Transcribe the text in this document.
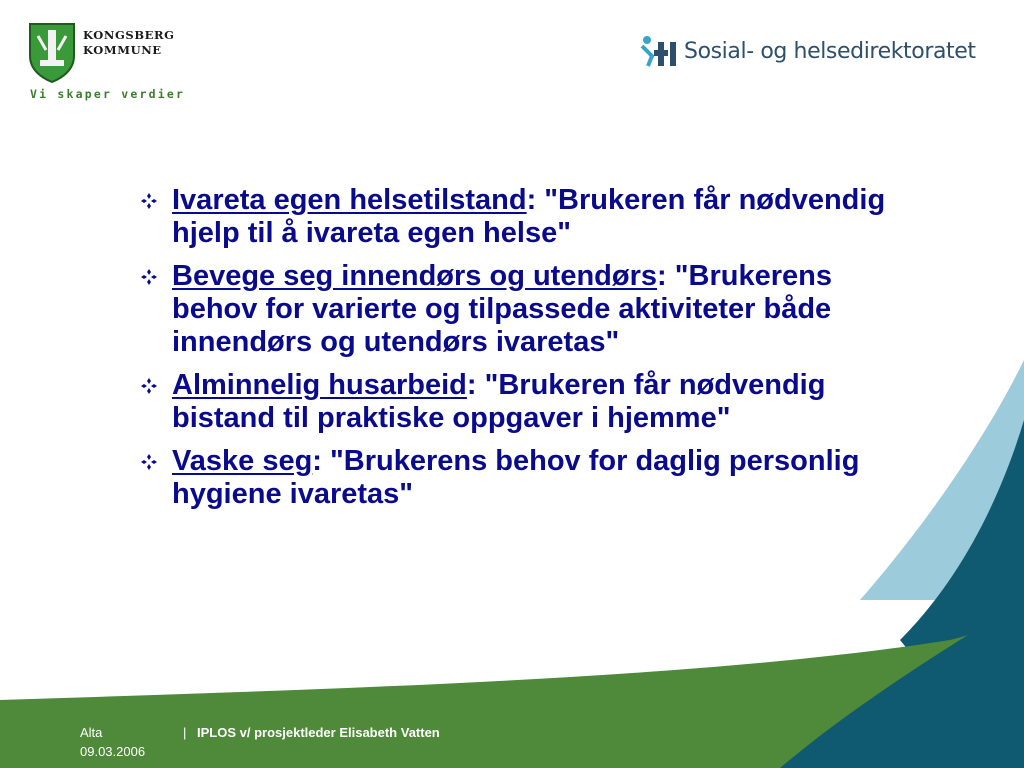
KONGSBERG
KOMMUNE
Vi skaper verdier
Sosial- og helsedirektoratet
Ivareta egen helsetilstand: "Brukeren får nødvendig hjelp til å ivareta egen helse"
Bevege seg innendørs og utendørs: "Brukerens behov for varierte og tilpassede aktiviteter både innendørs og utendørs ivaretas"
Alminnelig husarbeid: "Brukeren får nødvendig bistand til praktiske oppgaver i hjemme"
Vaske seg: "Brukerens behov for daglig personlig hygiene ivaretas"
Alta
09.03.2006
| IPLOS v/ prosjektleder Elisabeth Vatten
